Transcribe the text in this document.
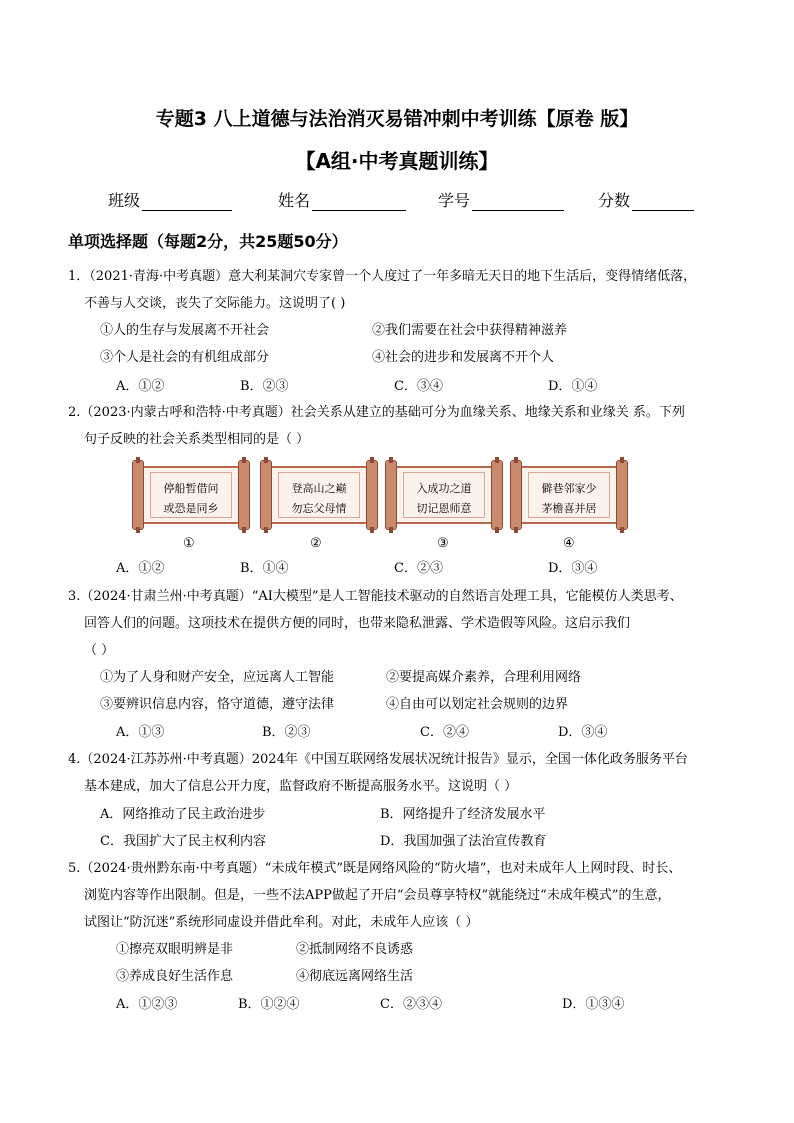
专题3 八上道德与法治消灭易错冲刺中考训练【原卷 版】
【A组·中考真题训练】
班级	姓名	学号	分数
单项选择题（每题2分，共25题50分）
1．（2021·青海·中考真题）意大利某洞穴专家曾一个人度过了一年多暗无天日的地下生活后，变得情绪低落，
不善与人交谈，丧失了交际能力。这说明了( )
①人的生存与发展离不开社会	②我们需要在社会中获得精神滋养
③个人是社会的有机组成部分	④社会的进步和发展离不开个人
A．①②	B．②③	C．③④	D．①④
2.（2023·内蒙古呼和浩特·中考真题）社会关系从建立的基础可分为血缘关系、地缘关系和业缘关 系。下列
句子反映的社会关系类型相同的是（ ）
停船暂借问
或恐是同乡
①
登高山之巅
勿忘父母情
②
入成功之道
切记恩师意
③
僻巷邻家少
茅檐喜并居
④
A．①②	B．①④	C．②③	D．③④
3.（2024·甘肃兰州·中考真题）“AI大模型”是人工智能技术驱动的自然语言处理工具，它能模仿人类思考、
回答人们的问题。这项技术在提供方便的同时，也带来隐私泄露、学术造假等风险。这启示我们
（ ）
①为了人身和财产安全，应远离人工智能	②要提高媒介素养，合理利用网络
③要辨识信息内容，恪守道德，遵守法律	④自由可以划定社会规则的边界
A．①③	B．②③	C．②④	D．③④
4.（2024·江苏苏州·中考真题）2024年《中国互联网络发展状况统计报告》显示，全国一体化政务服务平台
基本建成，加大了信息公开力度，监督政府不断提高服务水平。这说明（ ）
A．网络推动了民主政治进步	B．网络提升了经济发展水平
C．我国扩大了民主权利内容	D．我国加强了法治宣传教育
5.（2024·贵州黔东南·中考真题）“未成年模式”既是网络风险的“防火墙”，也对未成年人上网时段、时长、
浏览内容等作出限制。但是，一些不法APP做起了开启“会员尊享特权”就能绕过“未成年模式”的生意，
试图让“防沉迷”系统形同虚设并借此牟利。对此，未成年人应该（ ）
①擦亮双眼明辨是非	②抵制网络不良诱惑
③养成良好生活作息	④彻底远离网络生活
A．①②③	B．①②④	C．②③④	D．①③④
